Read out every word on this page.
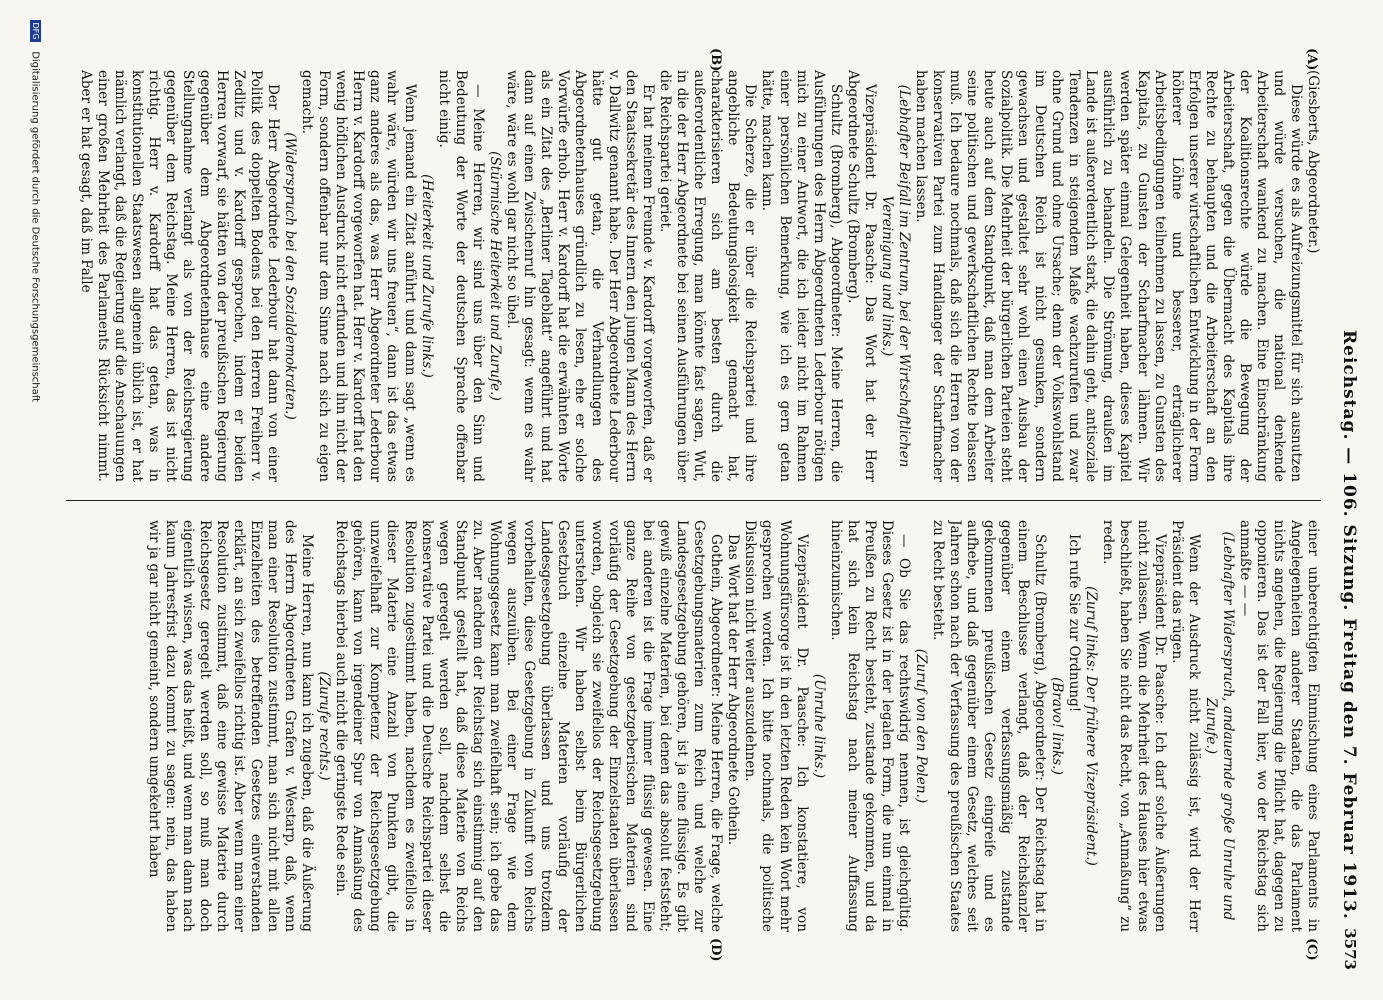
Reichstag. — 106. Sitzung. Freitag den 7. Februar 1913.
3573
(A)
(B)
(C)
(D)

(Giesberts, Abgeordneter.)

Diese würde es als Aufreizungsmittel für sich ausnutzen und würde versuchen, die national denkende Arbeiterschaft wankend zu machen. Eine Einschränkung der Koalitionsrechte würde die Bewegung der Arbeiterschaft, gegen die Übermacht des Kapitals ihre Rechte zu behaupten und die Arbeiterschaft an den Erfolgen unserer wirtschaftlichen Entwicklung in der Form höherer Löhne und besserer, erträglicherer Arbeitsbedingungen teilnehmen zu lassen, zu Gunsten des Kapitals, zu Gunsten der Scharfmacher lähmen. Wir werden später einmal Gelegenheit haben, dieses Kapitel ausführlich zu behandeln. Die Strömung, draußen im Lande ist außerordentlich stark, die dahin geht, antisoziale Tendenzen in steigendem Maße wachzurufen und zwar ohne Grund und ohne Ursache; denn der Volkswohlstand im Deutschen Reich ist nicht gesunken, sondern gewachsen und gestaltet sehr wohl einen Ausbau der Sozialpolitik. Die Mehrheit der bürgerlichen Parteien steht heute auch auf dem Standpunkt, daß man dem Arbeiter seine politischen und gewerkschaftlichen Rechte belassen muß. Ich bedaure nochmals, daß sich die Herren von der konservativen Partei zum Handlanger der Scharfmacher haben machen lassen.

(Lebhafter Beifall im Zentrum, bei der Wirtschaftlichen Vereinigung und links.)

Vizepräsident Dr. Paasche: Das Wort hat der Herr Abgeordnete Schultz (Bromberg).

Schultz (Bromberg), Abgeordneter: Meine Herren, die Ausführungen des Herrn Abgeordneten Lederbour nötigen mich zu einer Antwort, die ich leider nicht im Rahmen einer persönlichen Bemerkung, wie ich es gern getan hätte, machen kann.

Die Scherze, die er über die Reichspartei und ihre angebliche Bedeutungslosigkeit gemacht hat, charakterisieren sich am besten durch die außerordentliche Erregung, man könnte fast sagen, Wut, in die der Herr Abgeordnete bei seinen Ausführungen über die Reichspartei geriet.

Er hat meinem Freunde v. Kardorff vorgeworfen, daß er den Staatssekretär des Innern den jungen Mann des Herrn v. Dallwitz genannt habe. Der Herr Abgeordnete Lederbour hätte gut getan, die Verhandlungen des Abgeordnetenhauses gründlich zu lesen, ehe er solche Vorwürfe erhob. Herr v. Kardorff hat die erwähnten Worte als ein Zitat des „Berliner Tageblatt“ angeführt und hat dann auf einen Zwischenruf hin gesagt: wenn es wahr wäre, wäre es wohl gar nicht so übel.

(Stürmische Heiterkeit und Zurufe.)

— Meine Herren, wir sind uns über den Sinn und Bedeutung der Worte der deutschen Sprache offenbar nicht einig.

(Heiterkeit und Zurufe links.)

Wenn jemand ein Zitat anführt und dann sagt „wenn es wahr wäre, würden wir uns freuen“, dann ist das etwas ganz anderes als das, was Herr Abgeordneter Lederbour Herrn v. Kardorff vorgeworfen hat. Herr v. Kardorff hat den wenig höflichen Ausdruck nicht erfunden und ihn nicht der Form, sondern offenbar nur dem Sinne nach sich zu eigen gemacht.

(Widerspruch bei den Sozialdemokraten.)

Der Herr Abgeordnete Lederbour hat dann von einer Politik des doppelten Bodens bei den Herren Freiherr v. Zedlitz und v. Kardorff gesprochen, indem er beiden Herren vorwarf, sie hätten von der preußischen Regierung gegenüber dem Abgeordnetenhause eine andere Stellungnahme verlangt als von der Reichsregierung gegenüber dem Reichstag. Meine Herren, das ist nicht richtig. Herr v. Kardorff hat das getan, was in konstitutionellen Staatswesen allgemein üblich ist, er hat nämlich verlangt, daß die Regierung auf die Anschauungen einer großen Mehrheit des Parlaments Rücksicht nimmt. Aber er hat gesagt, daß im Falle

einer unberechtigten Einmischung eines Parlaments in Angelegenheiten anderer Staaten, die das Parlament nichts angehen, die Regierung die Pflicht hat, dagegen zu opponieren. Das ist der Fall hier, wo der Reichstag sich anmaßte — —

(Lebhafter Widerspruch, andauernde große Unruhe und Zurufe.)

Wenn der Ausdruck nicht zulässig ist, wird der Herr Präsident das rügen.

Vizepräsident Dr. Paasche: Ich darf solche Äußerungen nicht zulassen. Wenn die Mehrheit des Hauses hier etwas beschließt, haben Sie nicht das Recht, von „Anmaßung“ zu reden.

(Zuruf links: Der frühere Vizepräsident.)

Ich rufe Sie zur Ordnung!

(Bravo! links.)

Schultz (Bromberg), Abgeordneter: Der Reichstag hat in einem Beschlusse verlangt, daß der Reichskanzler gegenüber einem verfassungsmäßig zustande gekommenen preußischen Gesetz eingreife und es aufhebe, und daß gegenüber einem Gesetz, welches seit Jahren schon nach der Verfassung des preußischen Staates zu Recht besteht.

(Zuruf von den Polen.)

— Ob Sie das rechtswidrig nennen, ist gleichgültig. Dieses Gesetz ist in der legalen Form, die nun einmal in Preußen zu Recht besteht, zustande gekommen, und da hat sich kein Reichstag nach meiner Auffassung hineinzumischen.

(Unruhe links.)

Vizepräsident Dr. Paasche: Ich konstatiere, von Wohnungsfürsorge ist in den letzten Reden kein Wort mehr gesprochen worden. Ich bitte nochmals, die politische Diskussion nicht weiter auszudehnen.

Das Wort hat der Herr Abgeordnete Gothein.

Gothein, Abgeordneter: Meine Herren, die Frage, welche Gesetzgebungsmaterien zum Reich und welche zur Landesgesetzgebung gehören, ist ja eine flüssige. Es gibt gewiß einzelne Materien, bei denen das absolut feststeht; bei anderen ist die Frage immer flüssig gewesen. Eine ganze Reihe von gesetzgeberischen Materien sind vorläufig der Gesetzgebung der Einzelstaaten überlassen worden, obgleich sie zweifellos der Reichsgesetzgebung unterstehen. Wir haben selbst beim Bürgerlichen Gesetzbuch einzelne Materien vorläufig der Landesgesetzgebung überlassen und uns trotzdem vorbehalten, diese Gesetzgebung in Zukunft von Reichs wegen auszuüben. Bei einer Frage wie dem Wohnungsgesetz kann man zweifelhaft sein; ich gebe das zu. Aber nachdem der Reichstag sich einstimmig auf den Standpunkt gestellt hat, daß diese Materie von Reichs wegen geregelt werden soll, nachdem selbst die konservative Partei und die Deutsche Reichspartei dieser Resolution zugestimmt haben, nachdem es zweifellos in dieser Materie eine Anzahl von Punkten gibt, die unzweifelhaft zur Kompetenz der Reichsgesetzgebung gehören, kann von irgendeiner Spur von Anmaßung des Reichstags hierbei auch nicht die geringste Rede sein.

(Zurufe rechts.)

Meine Herren, nun kann ich zugeben, daß die Äußerung des Herrn Abgeordneten Grafen v. Westarp, daß, wenn man einer Resolution zustimmt, man sich nicht mit allen Einzelheiten des betreffenden Gesetzes einverstanden erklärt, an sich zweifellos richtig ist. Aber wenn man einer Resolution zustimmt, daß eine gewisse Materie durch Reichsgesetz geregelt werden soll, so muß man doch eigentlich wissen, was das heißt, und wenn man dann nach kaum Jahresfrist dazu kommt zu sagen: nein, das haben wir ja gar nicht gemeint, sondern umgekehrt haben

DFG Digitalisierung gefördert durch die Deutsche Forschungsgemeinschaft
